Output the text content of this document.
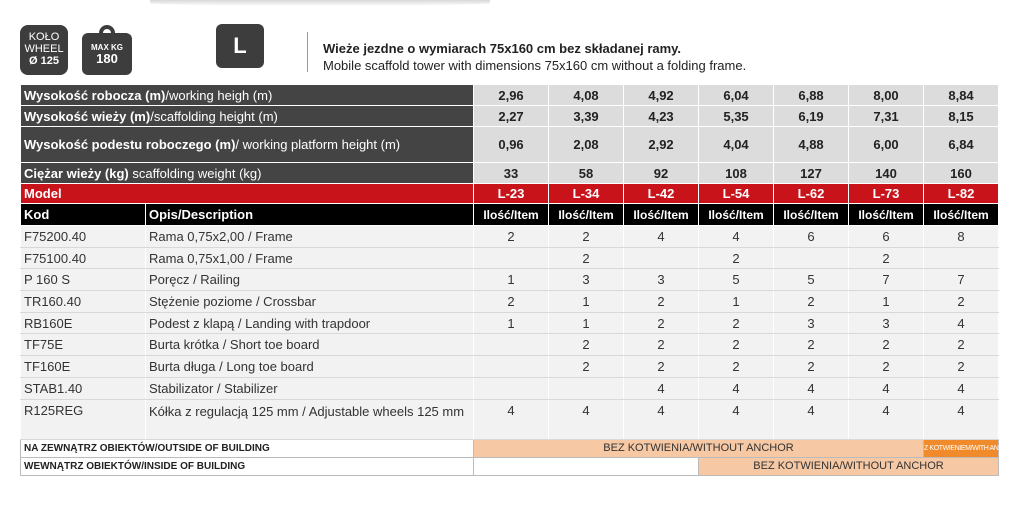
KOŁO
WHEEL
Ø 125
MAX KG
180
L	Wieże jezdne o wymiarach 75x160 cm bez składanej ramy.
Mobile scaffold tower with dimensions 75x160 cm without a folding frame.
Wysokość robocza (m)/working heigh (m)		2,96	4,08	4,92	6,04	6,88	8,00	8,84
Wysokość wieży (m)/scaffolding height (m)		2,27	3,39	4,23	5,35	6,19	7,31	8,15
Wysokość podestu roboczego (m)/ working platform height (m)		0,96	2,08	2,92	4,04	4,88	6,00	6,84
Ciężar wieży (kg) scaffolding weight (kg)		33	58	92	108	127	140	160
Model		L-23	L-34	L-42	L-54	L-62	L-73	L-82
Kod	Opis/Description	Ilość/Item	Ilość/Item	Ilość/Item	Ilość/Item	Ilość/Item	Ilość/Item	Ilość/Item
F75200.40	Rama 0,75x2,00 / Frame	2	2	4	4	6	6	8
F75100.40	Rama 0,75x1,00 / Frame		2		2		2	
P 160 S	Poręcz / Railing	1	3	3	5	5	7	7
TR160.40	Stężenie poziome / Crossbar	2	1	2	1	2	1	2
RB160E	Podest z klapą / Landing with trapdoor	1	1	2	2	3	3	4
TF75E	Burta krótka / Short toe board		2	2	2	2	2	2
TF160E	Burta długa / Long toe board		2	2	2	2	2	2
STAB1.40	Stabilizator / Stabilizer			4	4	4	4	4
R125REG	Kółka z regulacją 125 mm / Adjustable wheels 125 mm	4	4	4	4	4	4	4
NA ZEWNĄTRZ OBIEKTÓW/OUTSIDE OF BUILDING		BEZ KOTWIENIA/WITHOUT ANCHOR						Z KOTWIENIEM/WITH ANCHOR
WEWNĄTRZ OBIEKTÓW/INSIDE OF BUILDING					BEZ KOTWIENIA/WITHOUT ANCHOR			
